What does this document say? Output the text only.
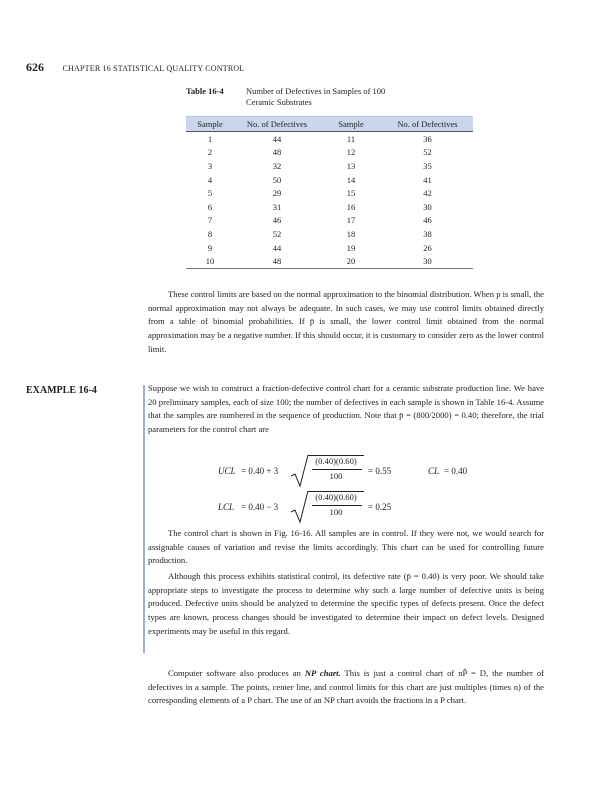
626 CHAPTER 16 STATISTICAL QUALITY CONTROL
Table 16-4	Number of Defectives in Samples of 100
Ceramic Substrates
Sample	No. of Defectives	Sample	No. of Defectives
1	44	11	36
2	48	12	52
3	32	13	35
4	50	14	41
5	29	15	42
6	31	16	30
7	46	17	46
8	52	18	38
9	44	19	26
10	48	20	30

These control limits are based on the normal approximation to the binomial distribution. When p is small, the normal approximation may not always be adequate. In such cases, we may use control limits obtained directly from a table of binomial probabilities. If p̄ is small, the lower control limit obtained from the normal approximation may be a negative number. If this should occur, it is customary to consider zero as the lower control limit.

EXAMPLE 16-4	Suppose we wish to construct a fraction-defective control chart for a ceramic substrate production line. We have 20 preliminary samples, each of size 100; the number of defectives in each sample is shown in Table 16-4. Assume that the samples are numbered in the sequence of production. Note that p̄ = (800/2000) = 0.40; therefore, the trial parameters for the control chart are

UCL = 0.40 + 3
(0.40)(0.60)
100	= 0.55	CL = 0.40
LCL = 0.40 − 3
(0.40)(0.60)
100	= 0.25

The control chart is shown in Fig. 16-16. All samples are in control. If they were not, we would search for assignable causes of variation and revise the limits accordingly. This chart can be used for controlling future production.

Although this process exhibits statistical control, its defective rate (p̄ = 0.40) is very poor. We should take appropriate steps to investigate the process to determine why such a large number of defective units is being produced. Defective units should be analyzed to determine the specific types of defects present. Once the defect types are known, process changes should be investigated to determine their impact on defect levels. Designed experiments may be useful in this regard.

Computer software also produces an NP chart. This is just a control chart of nP̂ = D, the number of defectives in a sample. The points, center line, and control limits for this chart are just multiples (times n) of the corresponding elements of a P chart. The use of an NP chart avoids the fractions in a P chart.
